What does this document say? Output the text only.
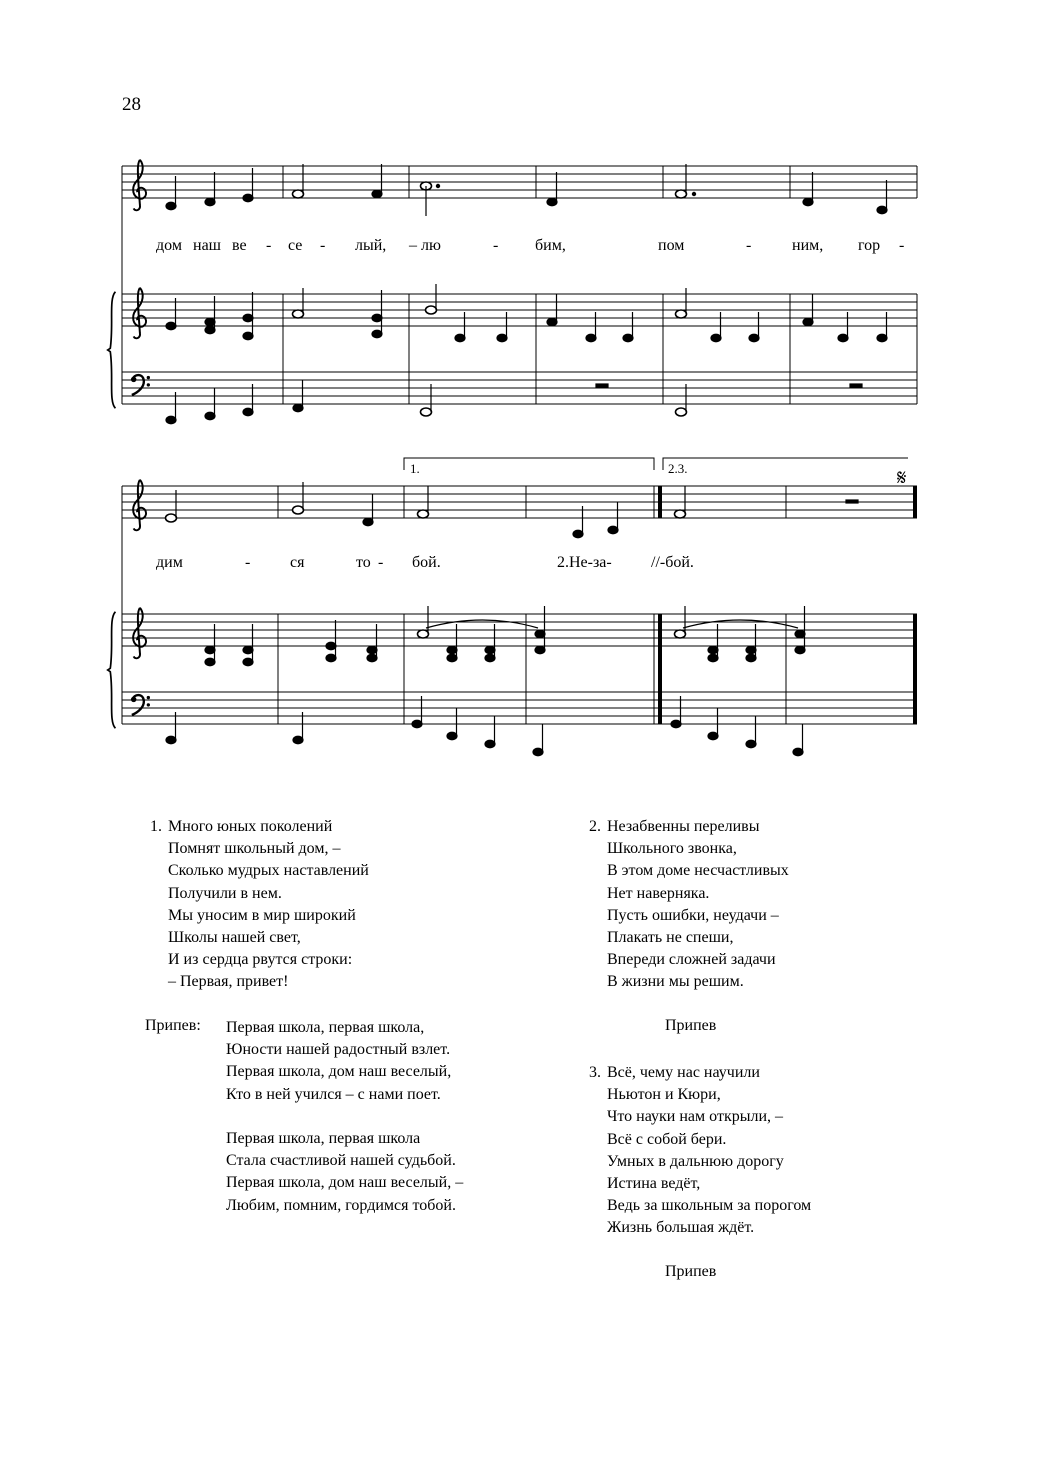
28
дом наш ве - се - лый, – лю	- бим,	пом	-	ним, гор -
1.	2.3.	𝄋
дим	- ся	то - бой.	2.Не-за- //-бой.
1. Много юных поколений
Помнят школьный дом, –
Сколько мудрых наставлений
Получили в нем.
Мы уносим в мир широкий
Школы нашей свет,
И из сердца рвутся строки:
– Первая, привет!
Припев: Первая школа, первая школа,
Юности нашей радостный взлет.
Первая школа, дом наш веселый,
Кто в ней учился – с нами поет.
Первая школа, первая школа
Стала счастливой нашей судьбой.
Первая школа, дом наш веселый, –
Любим, помним, гордимся тобой.
2. Незабвенны переливы
Школьного звонка,
В этом доме несчастливых
Нет наверняка.
Пусть ошибки, неудачи –
Плакать не спеши,
Впереди сложней задачи
В жизни мы решим.
Припев
3. Всё, чему нас научили
Ньютон и Кюри,
Что науки нам открыли, –
Всё с собой бери.
Умных в дальнюю дорогу
Истина ведёт,
Ведь за школьным за порогом
Жизнь большая ждёт.
Припев
